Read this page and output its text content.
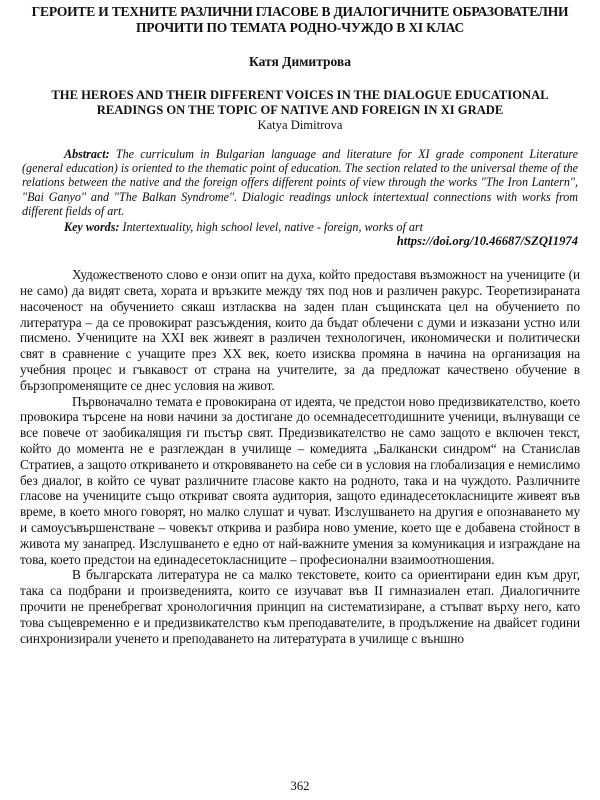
ГЕРОИТЕ И ТЕХНИТЕ РАЗЛИЧНИ ГЛАСОВЕ В ДИАЛОГИЧНИТЕ ОБРАЗОВАТЕЛНИ ПРОЧИТИ ПО ТЕМАТА РОДНО-ЧУЖДО В XI КЛАС
Катя Димитрова
THE HEROES AND THEIR DIFFERENT VOICES IN THE DIALOGUE EDUCATIONAL READINGS ON THE TOPIC OF NATIVE AND FOREIGN IN XI GRADE
Katya Dimitrova

Abstract: The curriculum in Bulgarian language and literature for XI grade component Literature (general education) is oriented to the thematic point of education. The section related to the universal theme of the relations between the native and the foreign offers different points of view through the works "The Iron Lantern", "Bai Ganyo" and "The Balkan Syndrome". Dialogic readings unlock intertextual connections with works from different fields of art.

Key words: Intertextuality, high school level, native - foreign, works of art

https://doi.org/10.46687/SZQI1974

Художественото слово е онзи опит на духа, който предоставя възможност на учениците (и не само) да видят света, хората и връзките между тях под нов и различен ракурс. Теоретизираната насоченост на обучението сякаш изтласква на заден план същинската цел на обучението по литература – да се провокират разсъждения, които да бъдат облечени с думи и изказани устно или писмено. Учениците на XXI век живеят в различен технологичен, икономически и политически свят в сравнение с учащите през XX век, което изисква промяна в начина на организация на учебния процес и гъвкавост от страна на учителите, за да предложат качествено обучение в бързопроменящите се днес условия на живот.

Първоначално темата е провокирана от идеята, че предстои ново предизвикателство, което провокира търсене на нови начини за достигане до осемнадесетгодишните ученици, вълнуващи се все повече от заобикалящия ги пъстър свят. Предизвикателство не само защото е включен текст, който до момента не е разглеждан в училище – комедията „Балкански синдром“ на Станислав Стратиев, а защото откриването и откровяването на себе си в условия на глобализация е немислимо без диалог, в който се чуват различните гласове както на родното, така и на чуждото. Различните гласове на учениците също откриват своята аудитория, защото единадесетокласниците живеят във време, в което много говорят, но малко слушат и чуват. Изслушването на другия е опознаването му и самоусъвършенстване – човекът открива и разбира ново умение, което ще е добавена стойност в живота му занапред. Изслушването е едно от най-важните умения за комуникация и изграждане на това, което предстои на единадесетокласниците – професионални взаимоотношения.

В българската литература не са малко текстовете, които са ориентирани един към друг, така са подбрани и произведенията, които се изучават във II гимназиален етап. Диалогичните прочити не пренебрегват хронологичния принцип на систематизиране, а стъпват върху него, като това същевременно е и предизвикателство към преподавателите, в продължение на двайсет години синхронизирали ученето и преподаването на литературата в училище с външно

362
